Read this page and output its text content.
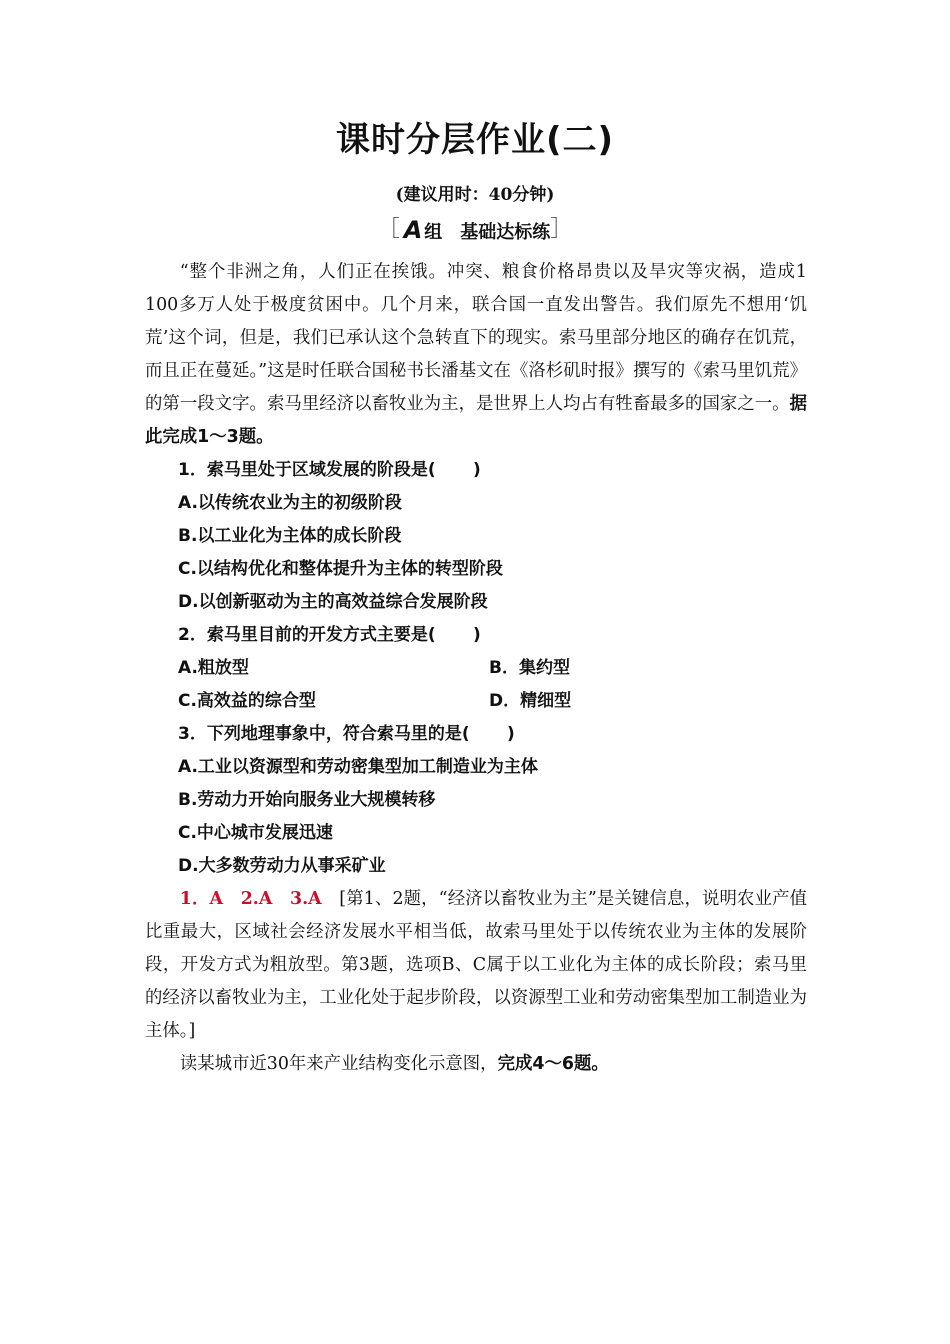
课时分层作业(二)

(建议用时：40分钟)

［ A 组 基础达标练］

“整个非洲之角，人们正在挨饿。冲突、粮食价格昂贵以及旱灾等灾祸，造成1 100多万人处于极度贫困中。几个月来，联合国一直发出警告。我们原先不想用‘饥荒’这个词，但是，我们已承认这个急转直下的现实。索马里部分地区的确存在饥荒，而且正在蔓延。”这是时任联合国秘书长潘基文在《洛杉矶时报》撰写的《索马里饥荒》的第一段文字。索马里经济以畜牧业为主，是世界上人均占有牲畜最多的国家之一。据此完成1～3题。

1．索马里处于区域发展的阶段是( )

A.以传统农业为主的初级阶段

B.以工业化为主体的成长阶段

C.以结构优化和整体提升为主体的转型阶段

D.以创新驱动为主的高效益综合发展阶段

2．索马里目前的开发方式主要是( )

A.粗放型	B．集约型

C.高效益的综合型	D．精细型

3．下列地理事象中，符合索马里的是( )

A.工业以资源型和劳动密集型加工制造业为主体

B.劳动力开始向服务业大规模转移

C.中心城市发展迅速

D.大多数劳动力从事采矿业

1．A　2.A　3.A　[第1、2题，“经济以畜牧业为主”是关键信息，说明农业产值比重最大，区域社会经济发展水平相当低，故索马里处于以传统农业为主体的发展阶段，开发方式为粗放型。第3题，选项B、C属于以工业化为主体的成长阶段；索马里的经济以畜牧业为主，工业化处于起步阶段，以资源型工业和劳动密集型加工制造业为主体。]

读某城市近30年来产业结构变化示意图，完成4～6题。
